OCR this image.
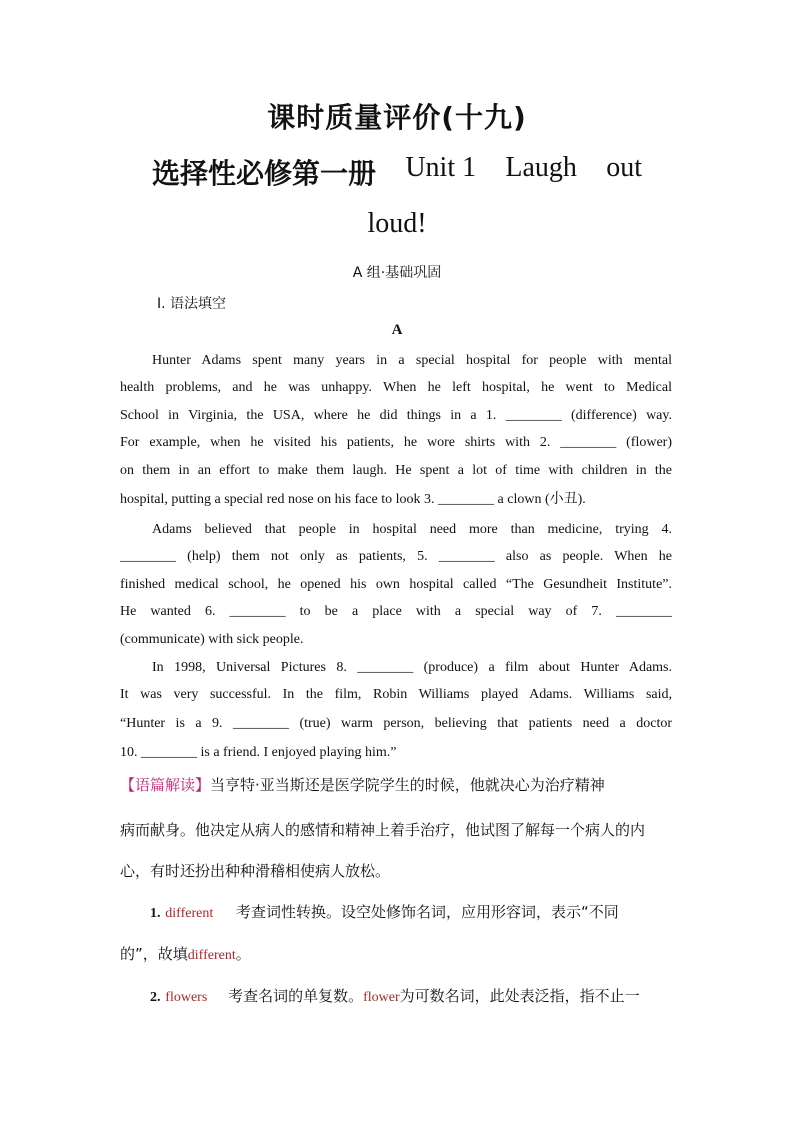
课时质量评价(十九)
选择性必修第一册 Unit 1 Laugh out
loud!
A 组·基础巩固
Ⅰ. 语法填空
A
Hunter Adams spent many years in a special hospital for people with mental
health problems, and he was unhappy. When he left hospital, he went to Medical
School in Virginia, the USA, where he did things in a 1. ________ (difference) way.
For example, when he visited his patients, he wore shirts with 2. ________ (flower)
on them in an effort to make them laugh. He spent a lot of time with children in the
hospital, putting a special red nose on his face to look 3. ________ a clown (小丑).
Adams believed that people in hospital need more than medicine, trying 4.
________ (help) them not only as patients, 5. ________ also as people. When he
finished medical school, he opened his own hospital called “The Gesundheit Institute”.
He wanted 6. ________ to be a place with a special way of 7. ________
(communicate) with sick people.
In 1998, Universal Pictures 8. ________ (produce) a film about Hunter Adams.
It was very successful. In the film, Robin Williams played Adams. Williams said,
“Hunter is a 9. ________ (true) warm person, believing that patients need a doctor
10. ________ is a friend. I enjoyed playing him.”
【语篇解读】当亨特·亚当斯还是医学院学生的时候，他就决心为治疗精神
病而献身。他决定从病人的感情和精神上着手治疗，他试图了解每一个病人的内
心，有时还扮出种种滑稽相使病人放松。
1. different 考查词性转换。设空处修饰名词，应用形容词，表示“不同
的”，故填different。
2. flowers 考查名词的单复数。flower为可数名词，此处表泛指，指不止一
